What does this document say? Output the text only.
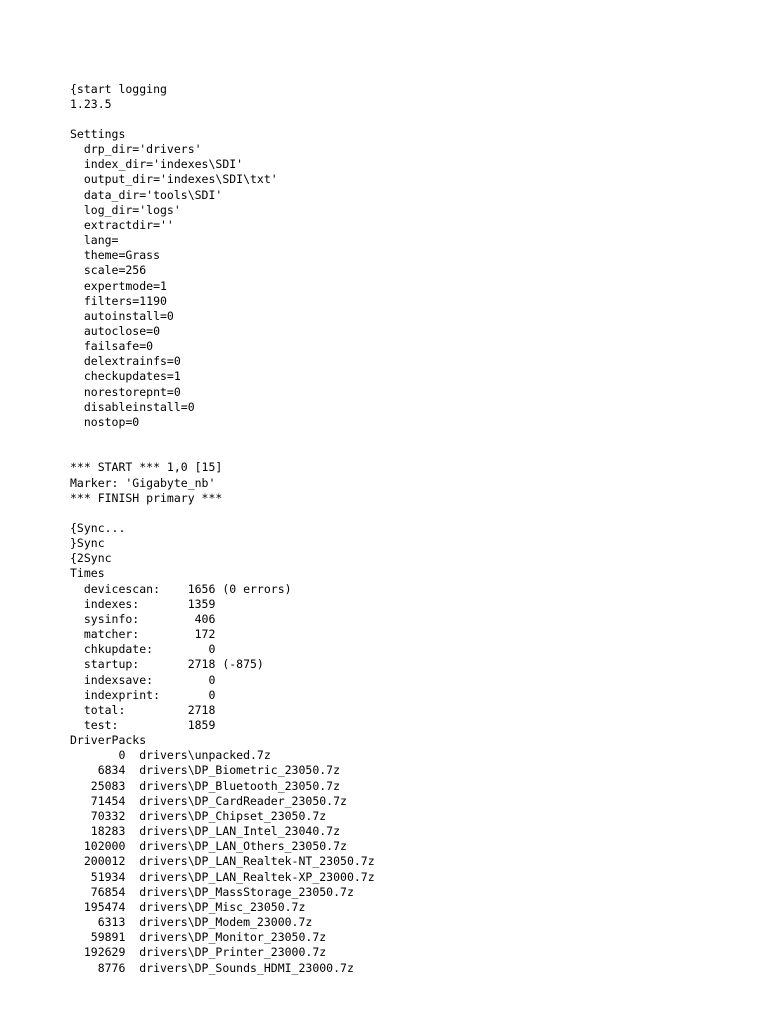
{start logging
1.23.5
Settings
drp_dir='drivers'
index_dir='indexes\SDI'
output_dir='indexes\SDI\txt'
data_dir='tools\SDI'
log_dir='logs'
extractdir=''
lang=
theme=Grass
scale=256
expertmode=1
filters=1190
autoinstall=0
autoclose=0
failsafe=0
delextrainfs=0
checkupdates=1
norestorepnt=0
disableinstall=0
nostop=0
*** START *** 1,0 [15]
Marker: 'Gigabyte_nb'
*** FINISH primary ***
{Sync...
}Sync
{2Sync
Times
devicescan:    1656 (0 errors)
indexes:       1359
sysinfo:        406
matcher:        172
chkupdate:        0
startup:       2718 (-875)
indexsave:        0
indexprint:       0
total:         2718
test:          1859
DriverPacks
0  drivers\unpacked.7z
6834  drivers\DP_Biometric_23050.7z
25083  drivers\DP_Bluetooth_23050.7z
71454  drivers\DP_CardReader_23050.7z
70332  drivers\DP_Chipset_23050.7z
18283  drivers\DP_LAN_Intel_23040.7z
102000  drivers\DP_LAN_Others_23050.7z
200012  drivers\DP_LAN_Realtek-NT_23050.7z
51934  drivers\DP_LAN_Realtek-XP_23000.7z
76854  drivers\DP_MassStorage_23050.7z
195474  drivers\DP_Misc_23050.7z
6313  drivers\DP_Modem_23000.7z
59891  drivers\DP_Monitor_23050.7z
192629  drivers\DP_Printer_23000.7z
8776  drivers\DP_Sounds_HDMI_23000.7z
